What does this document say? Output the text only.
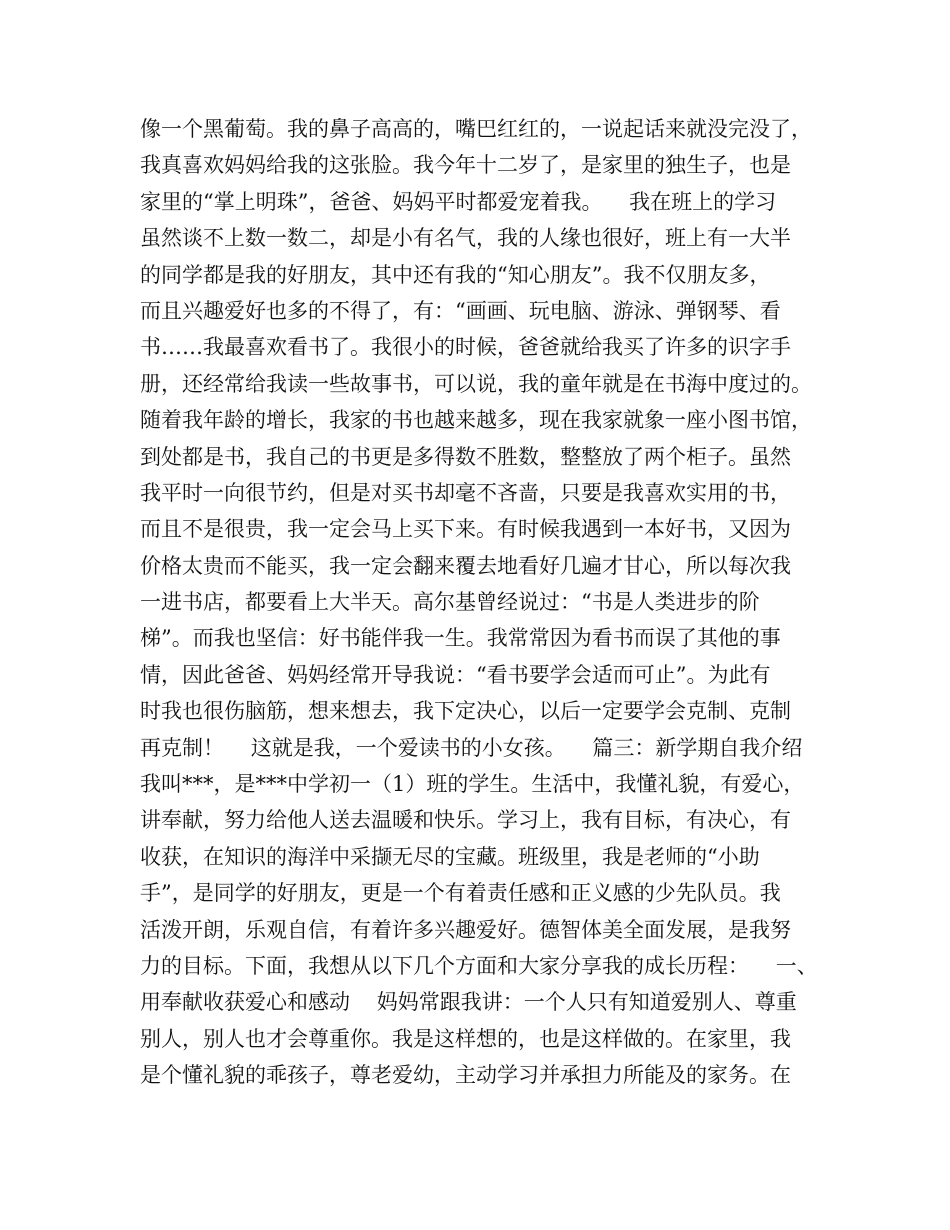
像一个黑葡萄。我的鼻子高高的，嘴巴红红的，一说起话来就没完没了，
我真喜欢妈妈给我的这张脸。我今年十二岁了，是家里的独生子，也是
家里的“掌上明珠”，爸爸、妈妈平时都爱宠着我。    我在班上的学习
虽然谈不上数一数二，却是小有名气，我的人缘也很好，班上有一大半
的同学都是我的好朋友，其中还有我的“知心朋友”。我不仅朋友多，
而且兴趣爱好也多的不得了，有：“画画、玩电脑、游泳、弹钢琴、看
书……我最喜欢看书了。我很小的时候，爸爸就给我买了许多的识字手
册，还经常给我读一些故事书，可以说，我的童年就是在书海中度过的。
随着我年龄的增长，我家的书也越来越多，现在我家就象一座小图书馆，
到处都是书，我自己的书更是多得数不胜数，整整放了两个柜子。虽然
我平时一向很节约，但是对买书却毫不吝啬，只要是我喜欢实用的书，
而且不是很贵，我一定会马上买下来。有时候我遇到一本好书，又因为
价格太贵而不能买，我一定会翻来覆去地看好几遍才甘心，所以每次我
一进书店，都要看上大半天。高尔基曾经说过：“书是人类进步的阶
梯”。而我也坚信：好书能伴我一生。我常常因为看书而误了其他的事
情，因此爸爸、妈妈经常开导我说：“看书要学会适而可止”。为此有
时我也很伤脑筋，想来想去，我下定决心，以后一定要学会克制、克制
再克制！    这就是我，一个爱读书的小女孩。    篇三：新学期自我介绍
我叫***，是***中学初一（1）班的学生。生活中，我懂礼貌，有爱心，
讲奉献，努力给他人送去温暖和快乐。学习上，我有目标，有决心，有
收获，在知识的海洋中采撷无尽的宝藏。班级里，我是老师的“小助
手”，是同学的好朋友，更是一个有着责任感和正义感的少先队员。我
活泼开朗，乐观自信，有着许多兴趣爱好。德智体美全面发展，是我努
力的目标。下面，我想从以下几个方面和大家分享我的成长历程：    一、
用奉献收获爱心和感动    妈妈常跟我讲：一个人只有知道爱别人、尊重
别人，别人也才会尊重你。我是这样想的，也是这样做的。在家里，我
是个懂礼貌的乖孩子，尊老爱幼，主动学习并承担力所能及的家务。在
